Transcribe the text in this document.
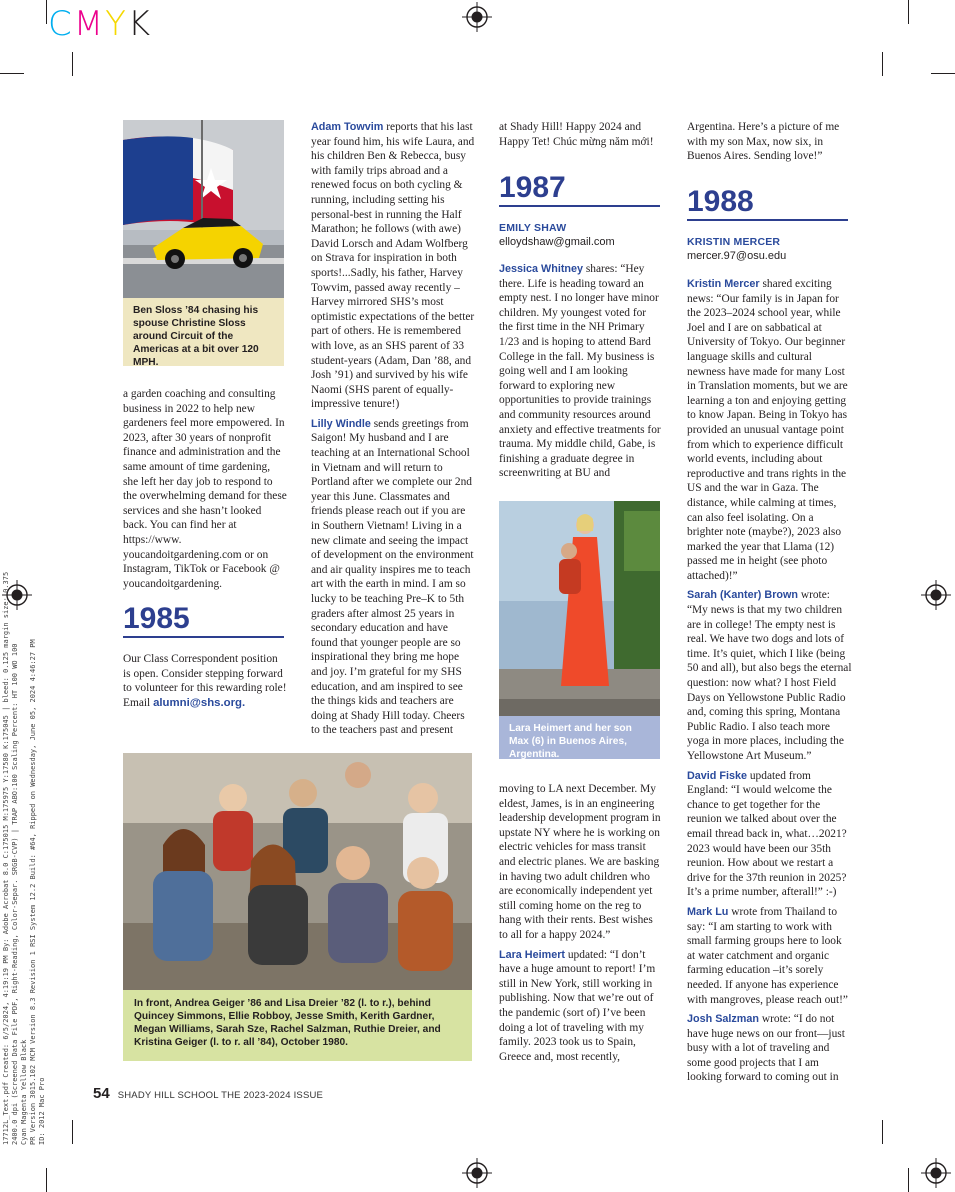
CMYK
17712L_Text.pdf Created: 6/5/2024, 4:19:19 PM By: Adobe Acrobat 8.0 C:175015 M:175975 Y:17580 K:175045 | bleed: 0.125 margin size: 0.375 2400.0 dpi (Screened Data File PDF, Right-Reading, Color-Separ. SRGB-CVP) | TRAP ABO:100 Scaling Percent: HT 100 WO 100 Cyan Magenta Yellow Black PR Version 3015.102 MCM Version 8.3 Revision 1 RSI System 12.2 Build: #64, Ripped on Wednesday, June 05, 2024 4:46:27 PM ID: 2012 Mac Pro
Ben Sloss ’84 chasing his spouse Christine Sloss around Circuit of the Americas at a bit over 120 MPH.

a garden coaching and consulting business in 2022 to help new gardeners feel more empowered. In 2023, after 30 years of nonprofit finance and administration and the same amount of time gardening, she left her day job to respond to the overwhelming demand for these services and she hasn’t looked back. You can find her at https://www. youcandoitgardening.com or on Instagram, TikTok or Facebook @ youcandoitgardening.

1985

Our Class Correspondent position is open. Consider stepping forward to volunteer for this rewarding role! Email alumni@shs.org.

Adam Towvim reports that his last year found him, his wife Laura, and his children Ben & Rebecca, busy with family trips abroad and a renewed focus on both cycling & running, including setting his personal-best in running the Half Marathon; he follows (with awe) David Lorsch and Adam Wolfberg on Strava for inspiration in both sports!...Sadly, his father, Harvey Towvim, passed away recently – Harvey mirrored SHS’s most optimistic expectations of the better part of others. He is remembered with love, as an SHS parent of 33 student-years (Adam, Dan ’88, and Josh ’91) and survived by his wife Naomi (SHS parent of equally-impressive tenure!)

Lilly Windle sends greetings from Saigon! My husband and I are teaching at an International School in Vietnam and will return to Portland after we complete our 2nd year this June. Classmates and friends please reach out if you are in Southern Vietnam! Living in a new climate and seeing the impact of development on the environment and air quality inspires me to teach art with the earth in mind. I am so lucky to be teaching Pre–K to 5th graders after almost 25 years in secondary education and have found that younger people are so inspirational they bring me hope and joy. I’m grateful for my SHS education, and am inspired to see the things kids and teachers are doing at Shady Hill today. Cheers to the teachers past and present

In front, Andrea Geiger ’86 and Lisa Dreier ’82 (l. to r.), behind Quincey Simmons, Ellie Robboy, Jesse Smith, Kerith Gardner, Megan Williams, Sarah Sze, Rachel Salzman, Ruthie Dreier, and Kristina Geiger (l. to r. all ’84), October 1980.

at Shady Hill! Happy 2024 and Happy Tet! Chúc mừng năm mới!

1987
EMILY SHAW
elloydshaw@gmail.com

Jessica Whitney shares: “Hey there. Life is heading toward an empty nest. I no longer have minor children. My youngest voted for the first time in the NH Primary 1/23 and is hoping to attend Bard College in the fall. My business is going well and I am looking forward to exploring new opportunities to provide trainings and community resources around anxiety and effective treatments for trauma. My middle child, Gabe, is finishing a graduate degree in screenwriting at BU and

Lara Heimert and her son Max (6) in Buenos Aires, Argentina.

moving to LA next December. My eldest, James, is in an engineering leadership development program in upstate NY where he is working on electric vehicles for mass transit and electric planes. We are basking in having two adult children who are economically independent yet still coming home on the reg to hang with their rents. Best wishes to all for a happy 2024.”

Lara Heimert updated: “I don’t have a huge amount to report! I’m still in New York, still working in publishing. Now that we’re out of the pandemic (sort of) I’ve been doing a lot of traveling with my family. 2023 took us to Spain, Greece and, most recently,

Argentina. Here’s a picture of me with my son Max, now six, in Buenos Aires. Sending love!”

1988
KRISTIN MERCER
mercer.97@osu.edu

Kristin Mercer shared exciting news: “Our family is in Japan for the 2023–2024 school year, while Joel and I are on sabbatical at University of Tokyo. Our beginner language skills and cultural newness have made for many Lost in Translation moments, but we are learning a ton and enjoying getting to know Japan. Being in Tokyo has provided an unusual vantage point from which to experience difficult world events, including about reproductive and trans rights in the US and the war in Gaza. The distance, while calming at times, can also feel isolating. On a brighter note (maybe?), 2023 also marked the year that Llama (12) passed me in height (see photo attached)!”

Sarah (Kanter) Brown wrote: “My news is that my two children are in college! The empty nest is real. We have two dogs and lots of time. It’s quiet, which I like (being 50 and all), but also begs the eternal question: now what? I host Field Days on Yellowstone Public Radio and, coming this spring, Montana Public Radio. I also teach more yoga in more places, including the Yellowstone Art Museum.”

David Fiske updated from England: “I would welcome the chance to get together for the reunion we talked about over the email thread back in, what…2021? 2023 would have been our 35th reunion. How about we restart a drive for the 37th reunion in 2025? It’s a prime number, afterall!” :-)

Mark Lu wrote from Thailand to say: “I am starting to work with small farming groups here to look at water catchment and organic farming education –it’s sorely needed. If anyone has experience with mangroves, please reach out!”

Josh Salzman wrote: “I do not have huge news on our front—just busy with a lot of traveling and some good projects that I am looking forward to coming out in

54 SHADY HILL SCHOOL THE 2023-2024 ISSUE
